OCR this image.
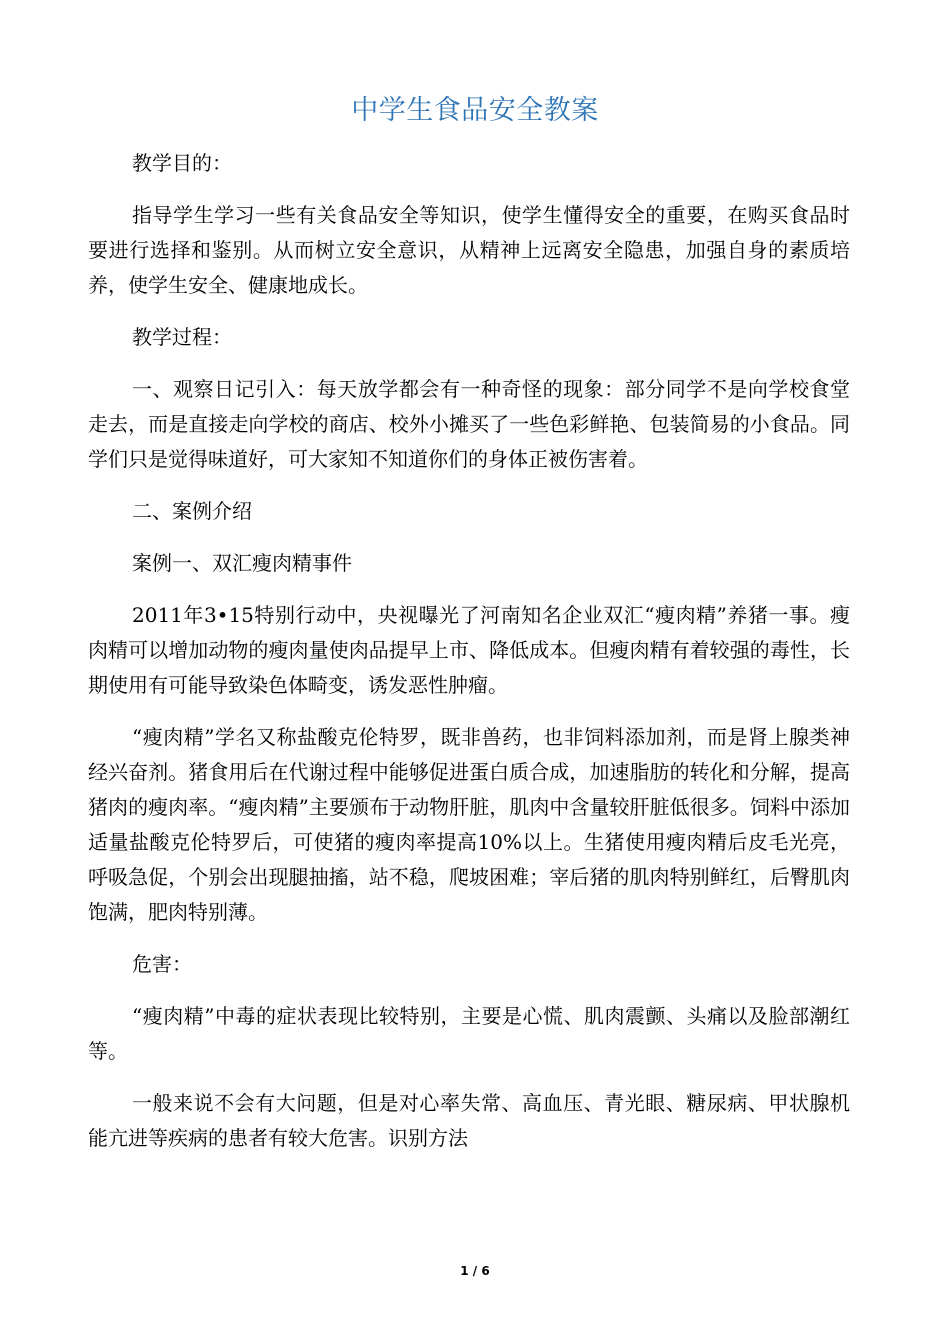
中学生食品安全教案

教学目的：

指导学生学习一些有关食品安全等知识，使学生懂得安全的重要，在购买食品时要进行选择和鉴别。从而树立安全意识，从精神上远离安全隐患，加强自身的素质培养，使学生安全、健康地成长。

教学过程：

一、观察日记引入：每天放学都会有一种奇怪的现象：部分同学不是向学校食堂走去，而是直接走向学校的商店、校外小摊买了一些色彩鲜艳、包装简易的小食品。同学们只是觉得味道好，可大家知不知道你们的身体正被伤害着。

二、案例介绍

案例一、双汇瘦肉精事件

2011年3•15特别行动中，央视曝光了河南知名企业双汇“瘦肉精”养猪一事。瘦肉精可以增加动物的瘦肉量使肉品提早上市、降低成本。但瘦肉精有着较强的毒性，长期使用有可能导致染色体畸变，诱发恶性肿瘤。

“瘦肉精”学名又称盐酸克伦特罗，既非兽药，也非饲料添加剂，而是肾上腺类神经兴奋剂。猪食用后在代谢过程中能够促进蛋白质合成，加速脂肪的转化和分解，提高猪肉的瘦肉率。“瘦肉精”主要颁布于动物肝脏，肌肉中含量较肝脏低很多。饲料中添加适量盐酸克伦特罗后，可使猪的瘦肉率提高10%以上。生猪使用瘦肉精后皮毛光亮，呼吸急促，个别会出现腿抽搐，站不稳，爬坡困难；宰后猪的肌肉特别鲜红，后臀肌肉饱满，肥肉特别薄。

危害：

“瘦肉精”中毒的症状表现比较特别，主要是心慌、肌肉震颤、头痛以及脸部潮红等。

一般来说不会有大问题，但是对心率失常、高血压、青光眼、糖尿病、甲状腺机能亢进等疾病的患者有较大危害。识别方法

1 / 6
